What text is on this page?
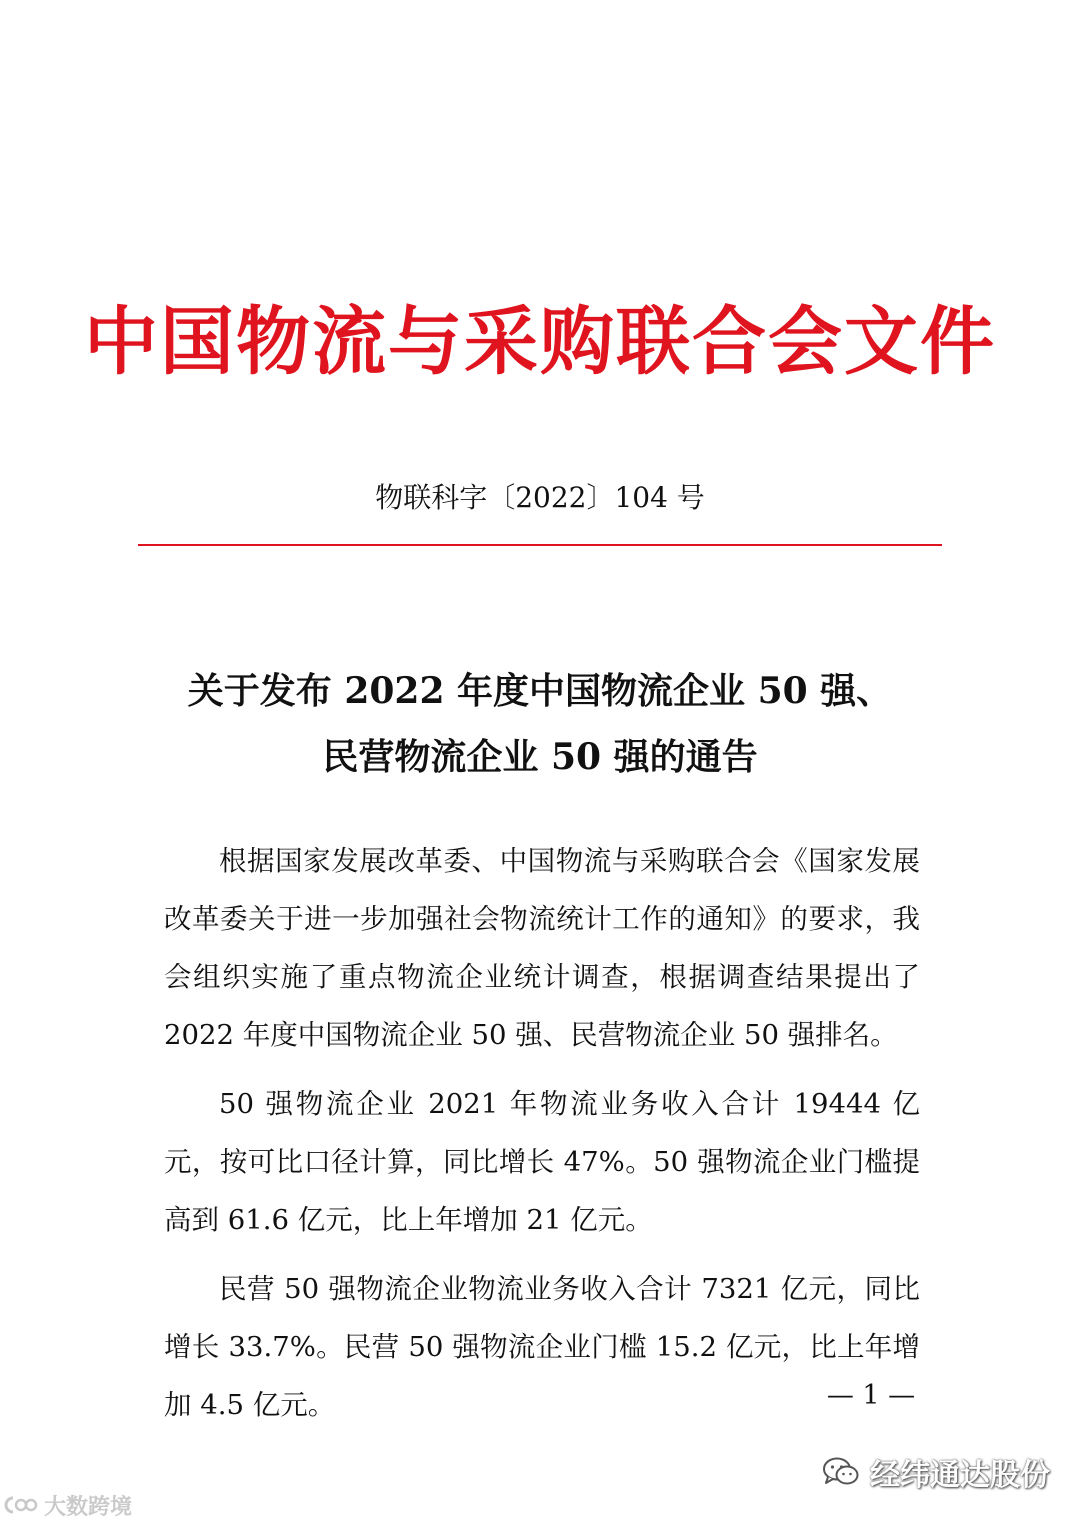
中国物流与采购联合会文件
物联科字〔2022〕104 号
关于发布 2022 年度中国物流企业 50 强、
民营物流企业 50 强的通告

根据国家发展改革委、中国物流与采购联合会《国家发展改革委关于进一步加强社会物流统计工作的通知》的要求，我会组织实施了重点物流企业统计调查，根据调查结果提出了 2022 年度中国物流企业 50 强、民营物流企业 50 强排名。

50 强物流企业 2021 年物流业务收入合计 19444 亿元，按可比口径计算，同比增长 47%。50 强物流企业门槛提高到 61.6 亿元，比上年增加 21 亿元。

民营 50 强物流企业物流业务收入合计 7321 亿元，同比增长 33.7%。民营 50 强物流企业门槛 15.2 亿元，比上年增加 4.5 亿元。	— 1 —
大数跨境
经纬通达股份
